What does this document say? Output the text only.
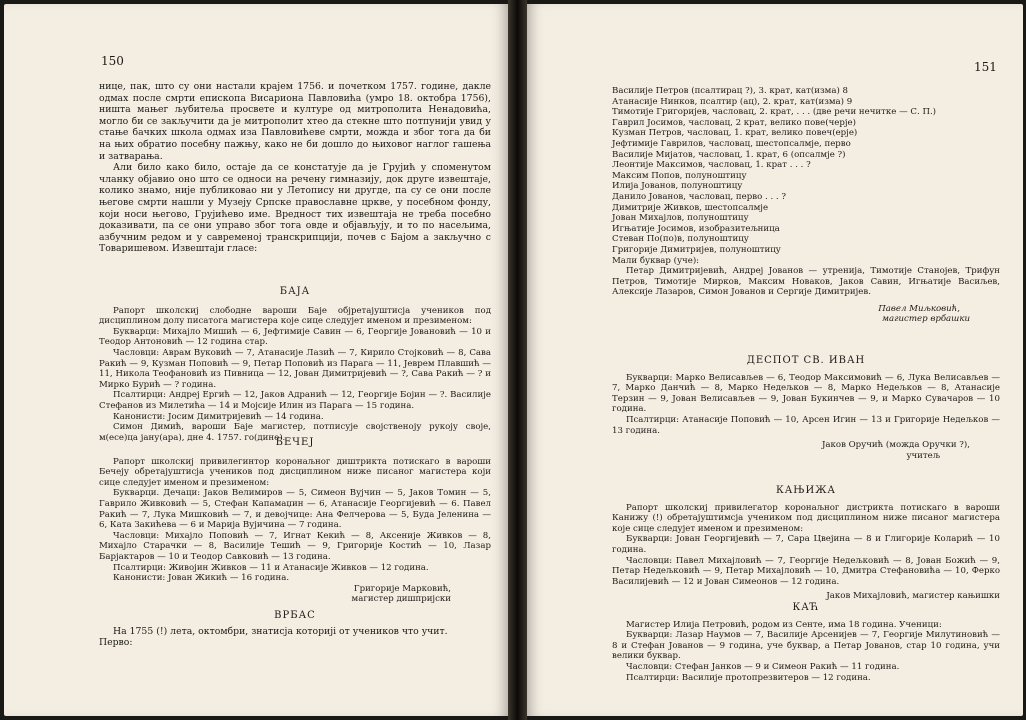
150

нице, пак, што су они настали крајем 1756. и почетком 1757. године, дакле одмах после смрти епископа Висариона Павловића (умро 18. октобра 1756), ништа мањег љубитеља просвете и културе од митрополита Ненадовића, могло би се закључити да је митрополит хтео да стекне што потпунији увид у стање бачких школа одмах иза Павловићеве смрти, можда и због тога да би на њих обратио посебну пажњу, како не би дошло до њиховог наглог гашења и затварања.

Али било како било, остаје да се констатује да је Грујић у споменутом чланку објавио оно што се односи на речену гимназију, док друге извештаје, колико знамо, није публиковао ни у Летопису ни другде, па су се они после његове смрти нашли у Музеју Српске православне цркве, у посебном фонду, који носи његово, Грујићево име. Вредност тих извештаја не треба посебно доказивати, па се они управо због тога овде и објављују, и то по насељима, азбучним редом и у савременој транскрипцији, почев с Бајом а закључно с Товаришевом. Извештаји гласе:

БАЈА

Рапорт школскиј слободне вароши Баје објретајуштисја учеников под дисциплином долу писатога магистера које сице следујет именом и презименом:

Букварци: Михајло Мишић — 6, Јефтимије Савин — 6, Георгије Јовановић — 10 и Теодор Антоновић — 12 година стар.

Часловци: Аврам Вуковић — 7, Атанасије Лазић — 7, Кирило Стојковић — 8, Сава Ракић — 9, Кузман Поповић — 9, Петар Поповић из Парага — 11, Јеврем Плавшић — 11, Никола Теофановић из Пивница — 12, Јован Димитријевић — ?, Сава Ракић — ? и Мирко Бурић — ? година.

Псалтирци: Андреј Ергић — 12, Јаков Адранић — 12, Георгије Бојин — ?. Василије Стефанов из Милетића — 14 и Мојсије Илин из Парага — 15 година.

Канонисти: Јосим Димитријевић — 14 година.

Симон Димић, вароши Баје магистер, потписује својственоју рукоју своје, м(есе)ца јану(ара), дне 4. 1757. го(дине).

БЕЧЕЈ

Рапорт школскиј привилегинтор коронаљног диштрикта потискаго в вароши Бечеју обретајуштисја учеников под дисциплином ниже писаног магистера који сице следујет именом и презименом:

Букварци. Дечаци: Јаков Велимиров — 5, Симеон Вујчин — 5, Јаков Томин — 5, Гаврило Живковић — 5, Стефан Капамаџин — 6, Атанасије Георгијевић — 6. Павел Ракић — 7, Лука Мишковић — 7, и девојчице: Ана Фелчерова — 5, Буда Јеленина — 6, Ката Закићева — 6 и Марија Вујичина — 7 година.

Часловци: Михајло Поповић — 7, Игнат Кекић — 8, Аксеније Живков — 8, Михајло Старачки — 8, Василије Тешић — 9, Григорије Костић — 10, Лазар Барјактаров — 10 и Теодор Савковић — 13 година.

Псалтирци: Живојин Живков — 11 и Атанасије Живков — 12 година.

Канонисти: Јован Жикић — 16 година.

Григорије Марковић,

магистер дишпријски

ВРБАС

На 1755 (!) лета, октомбри, знатисја которијі от учеников что учит.

Перво:

151
Василије Петров (псалтирац ?), 3. крат, кат(изма) 8
Атанасије Нинков, псалтир (ац), 2. крат, кат(изма) 9
Тимотије Григоријев, часловац, 2. крат, . . . (две речи нечитке — С. П.)
Гаврил Јосимов, часловац, 2 крат, велико пове(черје)
Кузман Петров, часловац, 1. крат, велико повеч(ерје)
Јефтимије Гаврилов, часловац, шестопсалмје, перво
Василије Мијатов, часловац, 1. крат, 6 (опсалмје ?)
Леонтије Максимов, часловац, 1. крат . . . ?
Максим Попов, полуноштицу
Илија Јованов, полуноштицу
Данило Јованов, часловац, перво . . . ?
Димитрије Живков, шестопсалмје
Јован Михајлов, полуноштицу
Игњатије Јосимов, изобразитељница
Стеван По(по)в, полуноштицу
Григорије Димитријев, полуноштицу
Мали буквар (уче):

Петар Димитријевић, Андреј Јованов — утренија, Тимотије Станојев, Трифун Петров, Тимотије Мирков, Максим Новаков, Јаков Савин, Игњатије Васиљев, Алексије Лазаров, Симон Јованов и Сергије Димитријев.

Павел Миљковић,

магистер врбашки

ДЕСПОТ СВ. ИВАН

Букварци: Марко Велисављев — 6, Теодор Максимовић — 6, Лука Велисављев — 7, Марко Данчић — 8, Марко Недељков — 8, Марко Недељков — 8, Атанасије Терзин — 9, Јован Велисављев — 9, Јован Букинчев — 9, и Марко Сувачаров — 10 година.

Псалтирци: Атанасије Поповић — 10, Арсен Игин — 13 и Григорије Недељков — 13 година.

Јаков Оручић (можда Оручки ?),

учитељ

КАЊИЖА

Рапорт школскиј привилегатор коронаљног дистрикта потискаго в вароши Канижу (!) обретајуштимсја учеником под дисциплином ниже писаног магистера које сице следујет именом и презименом:

Букварци: Јован Георгијевић — 7, Сара Цвејина — 8 и Глигорије Коларић — 10 година.

Часловци: Павел Михајловић — 7, Георгије Недељковић — 8, Јован Божић — 9, Петар Недељковић — 9, Петар Михајловић — 10, Дмитра Стефановића — 10, Ферко Василијевић — 12 и Јован Симеонов — 12 година.

Јаков Михајловић, магистер кањишки

КАЋ

Магистер Илија Петровић, родом из Сенте, има 18 година. Ученици:

Букварци: Лазар Наумов — 7, Василије Арсенијев — 7, Георгије Милутиновић — 8 и Стефан Јованов — 9 година, уче буквар, а Петар Јованов, стар 10 година, учи велики буквар.

Часловци: Стефан Јанков — 9 и Симеон Ракић — 11 година.

Псалтирци: Василије протопрезвитеров — 12 година.
